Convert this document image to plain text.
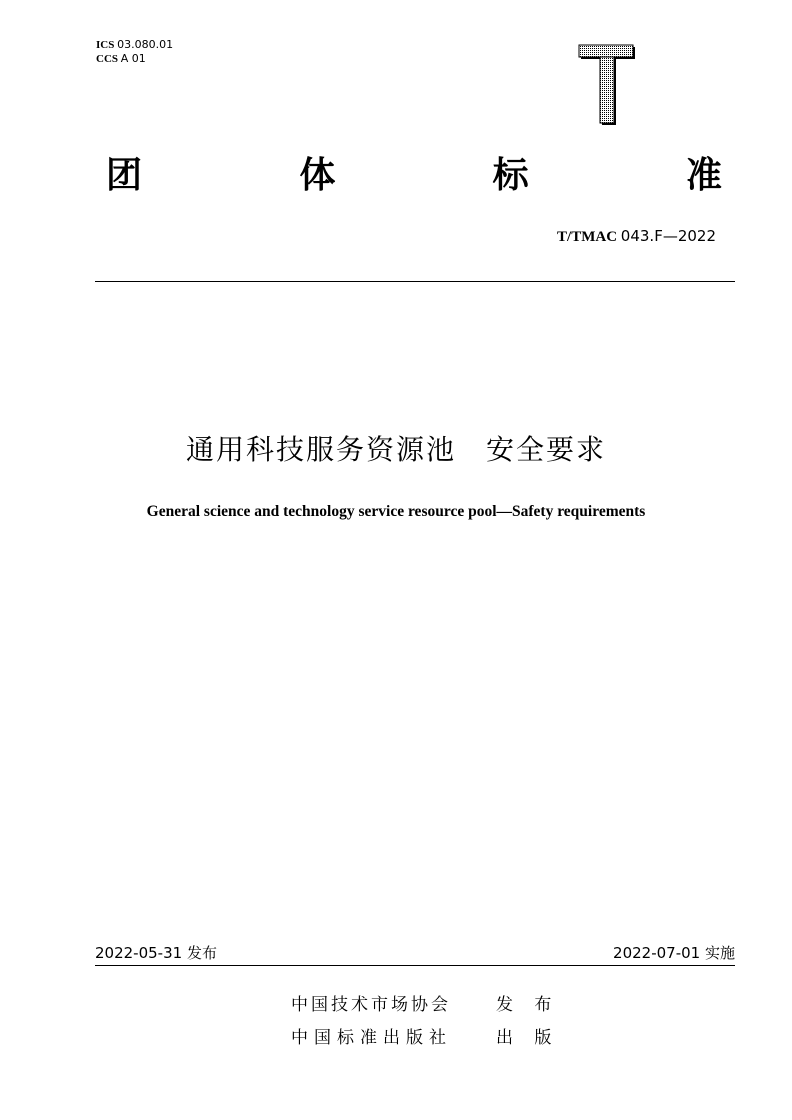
ICS 03.080.01
CCS A 01
团	体	标	准
T/TMAC 043.F—2022
通用科技服务资源池　安全要求
General science and technology service resource pool—Safety requirements
2022-05-31 发布	2022-07-01 实施
中国技术市场协会	发 布
中国标准出版社	出 版
